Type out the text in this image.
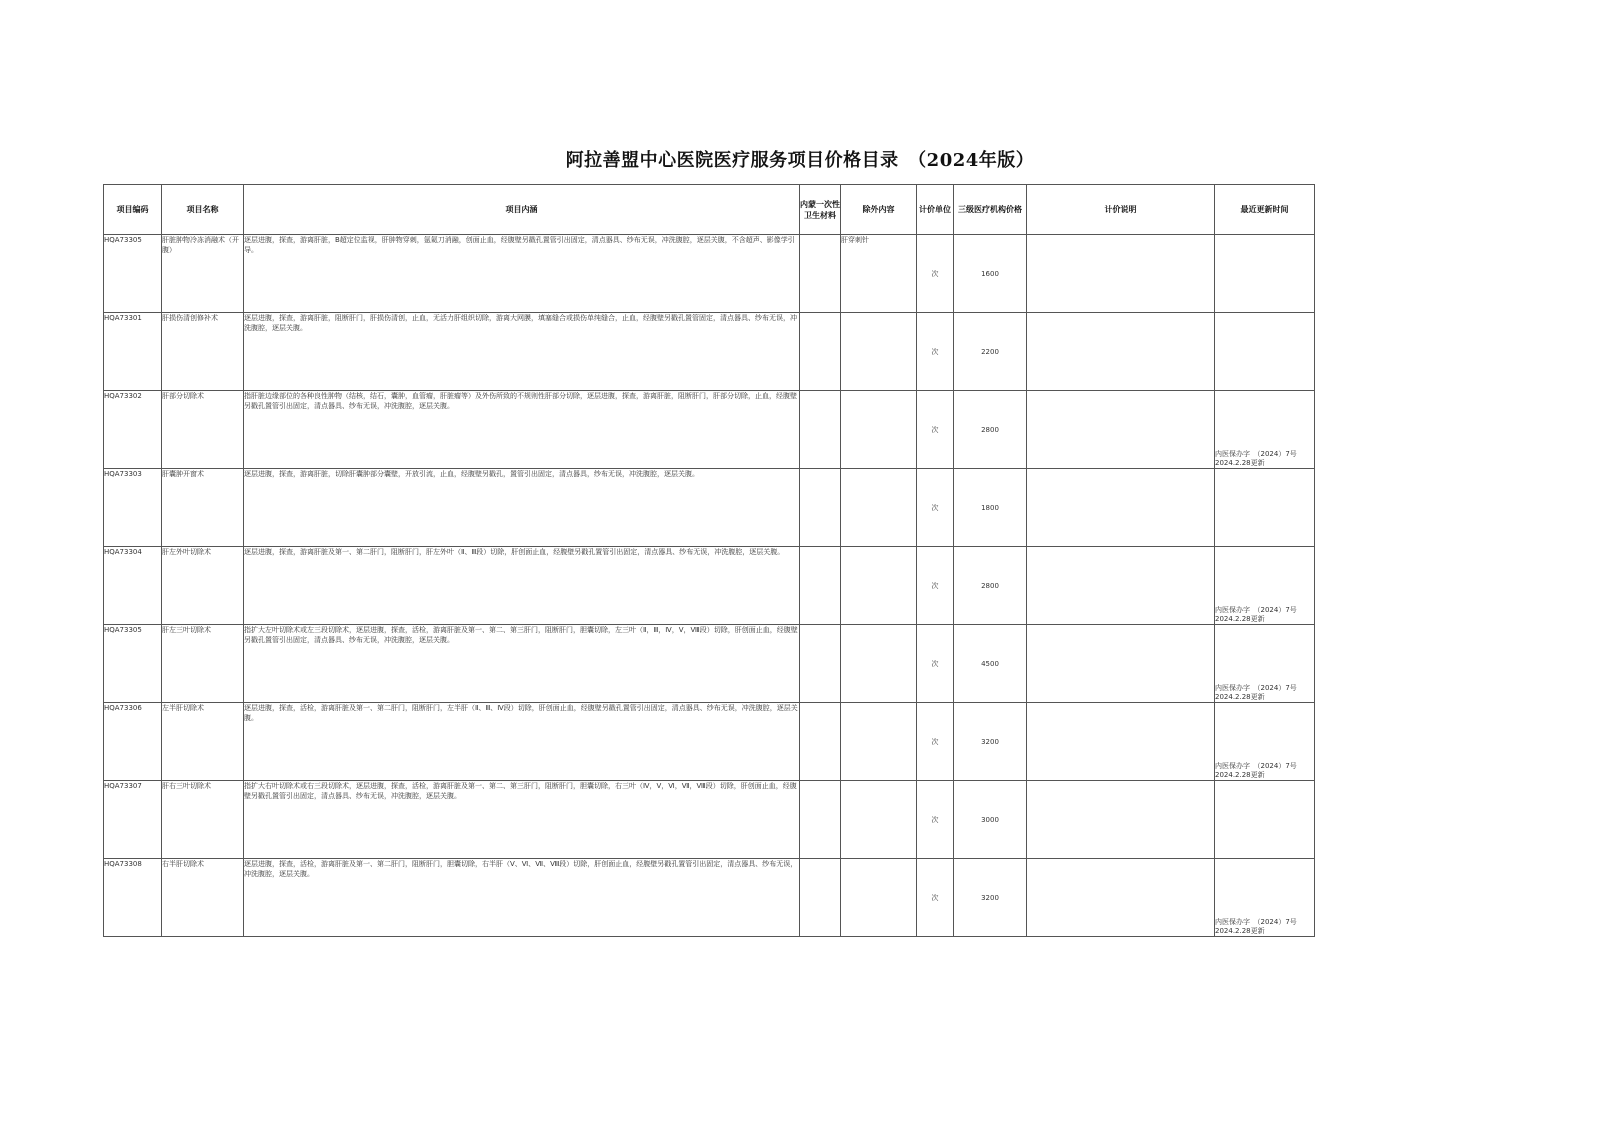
阿拉善盟中心医院医疗服务项目价格目录　（2024年版）
项目编码	项目名称	项目内涵	内蒙一次性卫生材料	除外内容	计价单位	三级医疗机构价格	计价说明	最近更新时间
HQA73305	肝脏肿物冷冻消融术（开腹）	逐层进腹，探查，游离肝脏，B超定位监视，肝肿物穿刺，氩氦刀消融，创面止血，经腹壁另戳孔置管引出固定，清点器具、纱布无误，冲洗腹腔，逐层关腹，不含超声、影像学引导。		肝穿刺针	次	1600		

HQA73301	肝损伤清创修补术	逐层进腹，探查，游离肝脏，阻断肝门，肝损伤清创，止血，无活力肝组织切除，游离大网膜，填塞缝合或损伤单纯缝合，止血，经腹壁另戳孔置管固定，清点器具、纱布无误，冲洗腹腔，逐层关腹。			次	2200		

HQA73302	肝部分切除术	指肝脏边缘部位的各种良性肿物（结核，结石，囊肿，血管瘤，肝脏瘤等）及外伤所致的不规则性肝部分切除，逐层进腹，探查，游离肝脏，阻断肝门，肝部分切除，止血，经腹壁另戳孔置管引出固定，清点器具、纱布无误，冲洗腹腔，逐层关腹。			次	2800		内医保办字　（2024）7号 2024.2.28更新

HQA73303	肝囊肿开窗术	逐层进腹，探查，游离肝脏，切除肝囊肿部分囊壁，开放引流，止血，经腹壁另戳孔，置管引出固定，清点器具，纱布无误，冲洗腹腔，逐层关腹。			次	1800		

HQA73304	肝左外叶切除术	逐层进腹，探查，游离肝脏及第一、第二肝门，阻断肝门，肝左外叶（Ⅱ、Ⅲ段）切除，肝创面止血，经腹壁另戳孔置管引出固定，清点器具、纱布无误，冲洗腹腔，逐层关腹。			次	2800		内医保办字　（2024）7号 2024.2.28更新

HQA73305	肝左三叶切除术	指扩大左叶切除术或左三段切除术，逐层进腹，探查，活检，游离肝脏及第一、第二、第三肝门，阻断肝门，胆囊切除，左三叶（Ⅱ，Ⅲ，Ⅳ，Ⅴ，Ⅷ段）切除，肝创面止血，经腹壁另戳孔置管引出固定，清点器具、纱布无误，冲洗腹腔，逐层关腹。			次	4500		内医保办字　（2024）7号 2024.2.28更新

HQA73306	左半肝切除术	逐层进腹，探查，活检，游离肝脏及第一、第二肝门，阻断肝门，左半肝（Ⅱ、Ⅲ、Ⅳ段）切除，肝创面止血，经腹壁另戳孔置管引出固定，清点器具、纱布无误，冲洗腹腔，逐层关腹。			次	3200		内医保办字　（2024）7号 2024.2.28更新

HQA73307	肝右三叶切除术	指扩大右叶切除术或右三段切除术，逐层进腹，探查，活检，游离肝脏及第一、第二、第三肝门，阻断肝门，胆囊切除，右三叶（Ⅳ，Ⅴ，Ⅵ，Ⅶ，Ⅷ段）切除，肝创面止血，经腹壁另戳孔置管引出固定，清点器具、纱布无误，冲洗腹腔，逐层关腹。			次	3000		

HQA73308	右半肝切除术	逐层进腹，探查，活检，游离肝脏及第一、第二肝门，阻断肝门，胆囊切除，右半肝（Ⅴ、Ⅵ、Ⅶ、Ⅷ段）切除，肝创面止血，经腹壁另戳孔置管引出固定，清点器具、纱布无误，冲洗腹腔，逐层关腹。			次	3200		内医保办字　（2024）7号 2024.2.28更新
